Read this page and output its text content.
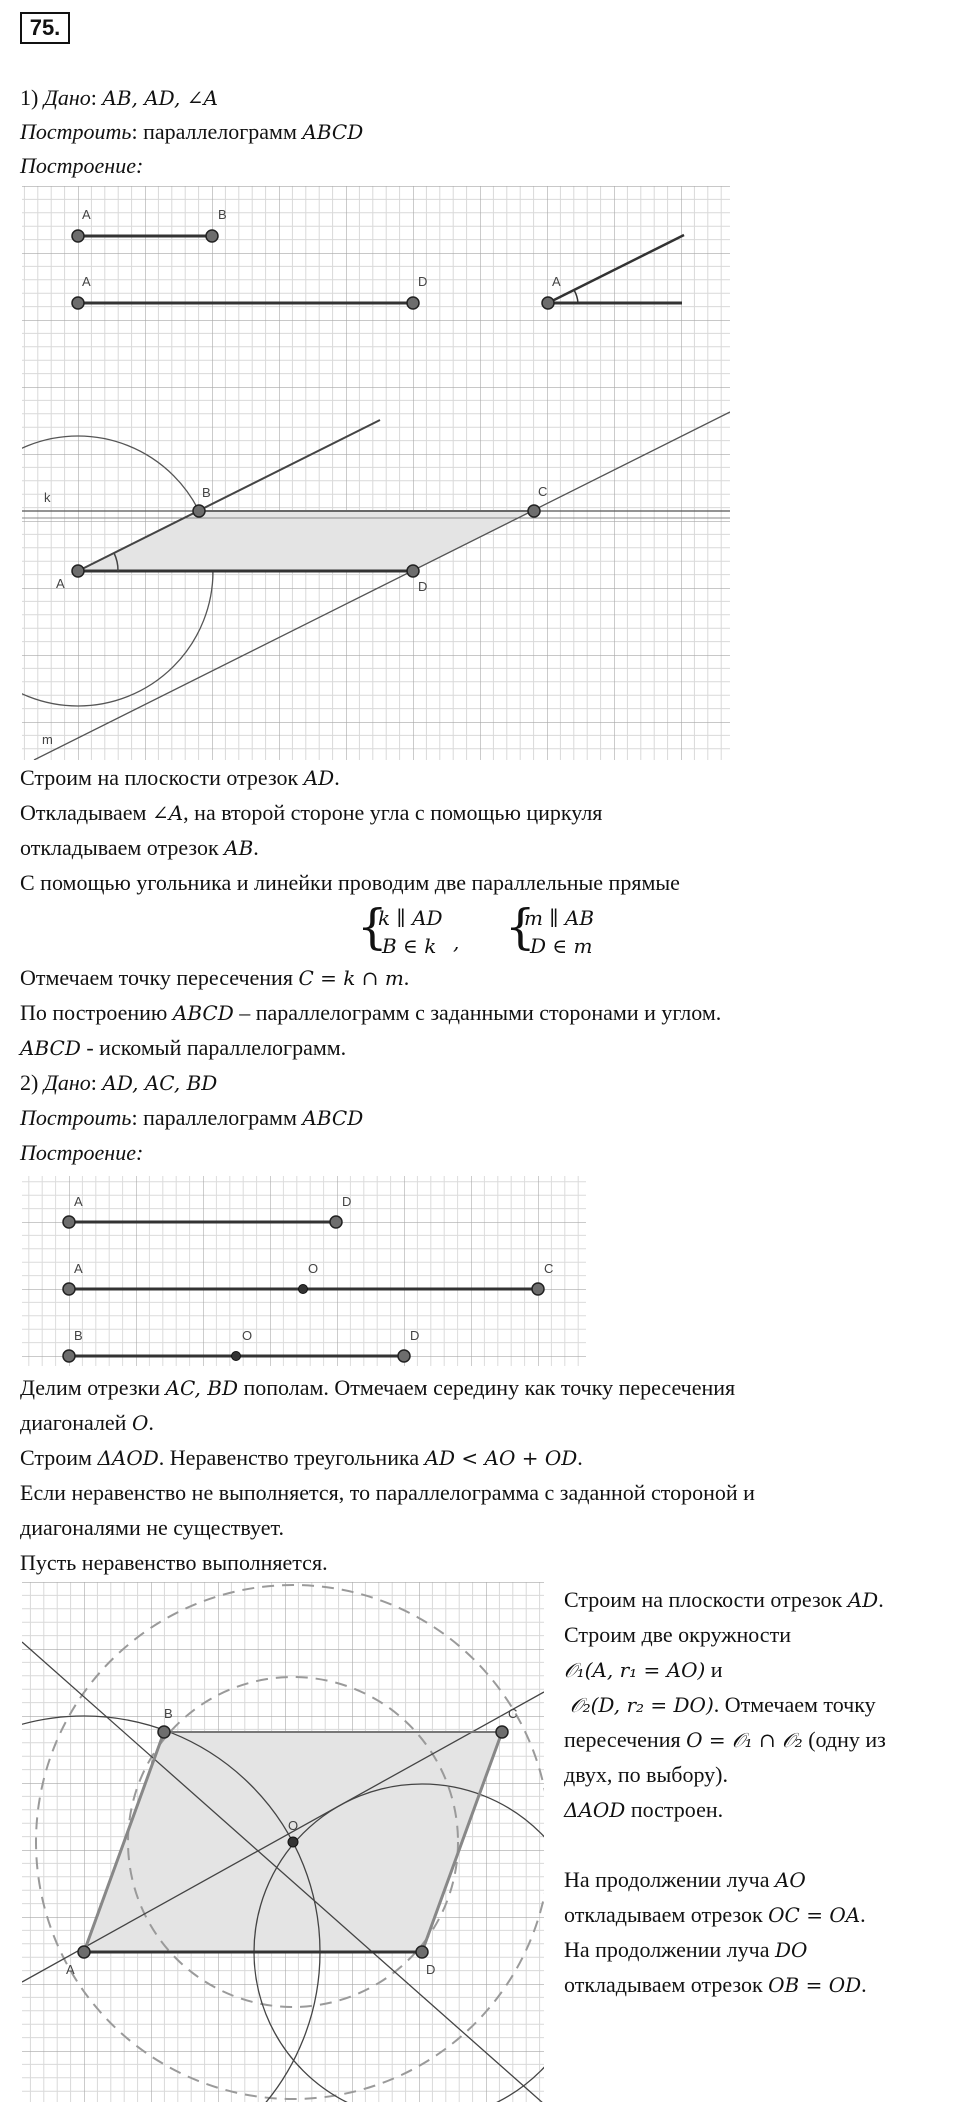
75.
1) Дано: AB, AD, ∠A
Построить: параллелограмм ABCD
Построение:
A	B
A	D	A
A
B	C
D
k
m
Строим на плоскости отрезок AD.
Откладываем ∠A, на второй стороне угла с помощью циркуля
откладываем отрезок AB.
С помощью угольника и линейки проводим две параллельные прямые
{
k ∥ AD
B ∈ k , {
m ∥ AB
D ∈ m
Отмечаем точку пересечения C = k ∩ m.
По построению ABCD – параллелограмм с заданными сторонами и углом.
ABCD - искомый параллелограмм.
2) Дано: AD, AC, BD
Построить: параллелограмм ABCD
Построение:
A	D
A	O	C
B	O	D
Делим отрезки AC, BD пополам. Отмечаем середину как точку пересечения
диагоналей O.
Строим ΔAOD. Неравенство треугольника AD < AO + OD.
Если неравенство не выполняется, то параллелограмма с заданной стороной и
диагоналями не существует.
Пусть неравенство выполняется.
A
B	C
D
O
Строим на плоскости отрезок AD.
Строим две окружности
𝒪₁(A, r₁ = AO) и
𝒪₂(D, r₂ = DO). Отмечаем точку
пересечения O = 𝒪₁ ∩ 𝒪₂ (одну из
двух, по выбору).
ΔAOD построен.
На продолжении луча AO
откладываем отрезок OC = OA.
На продолжении луча DO
откладываем отрезок OB = OD.
